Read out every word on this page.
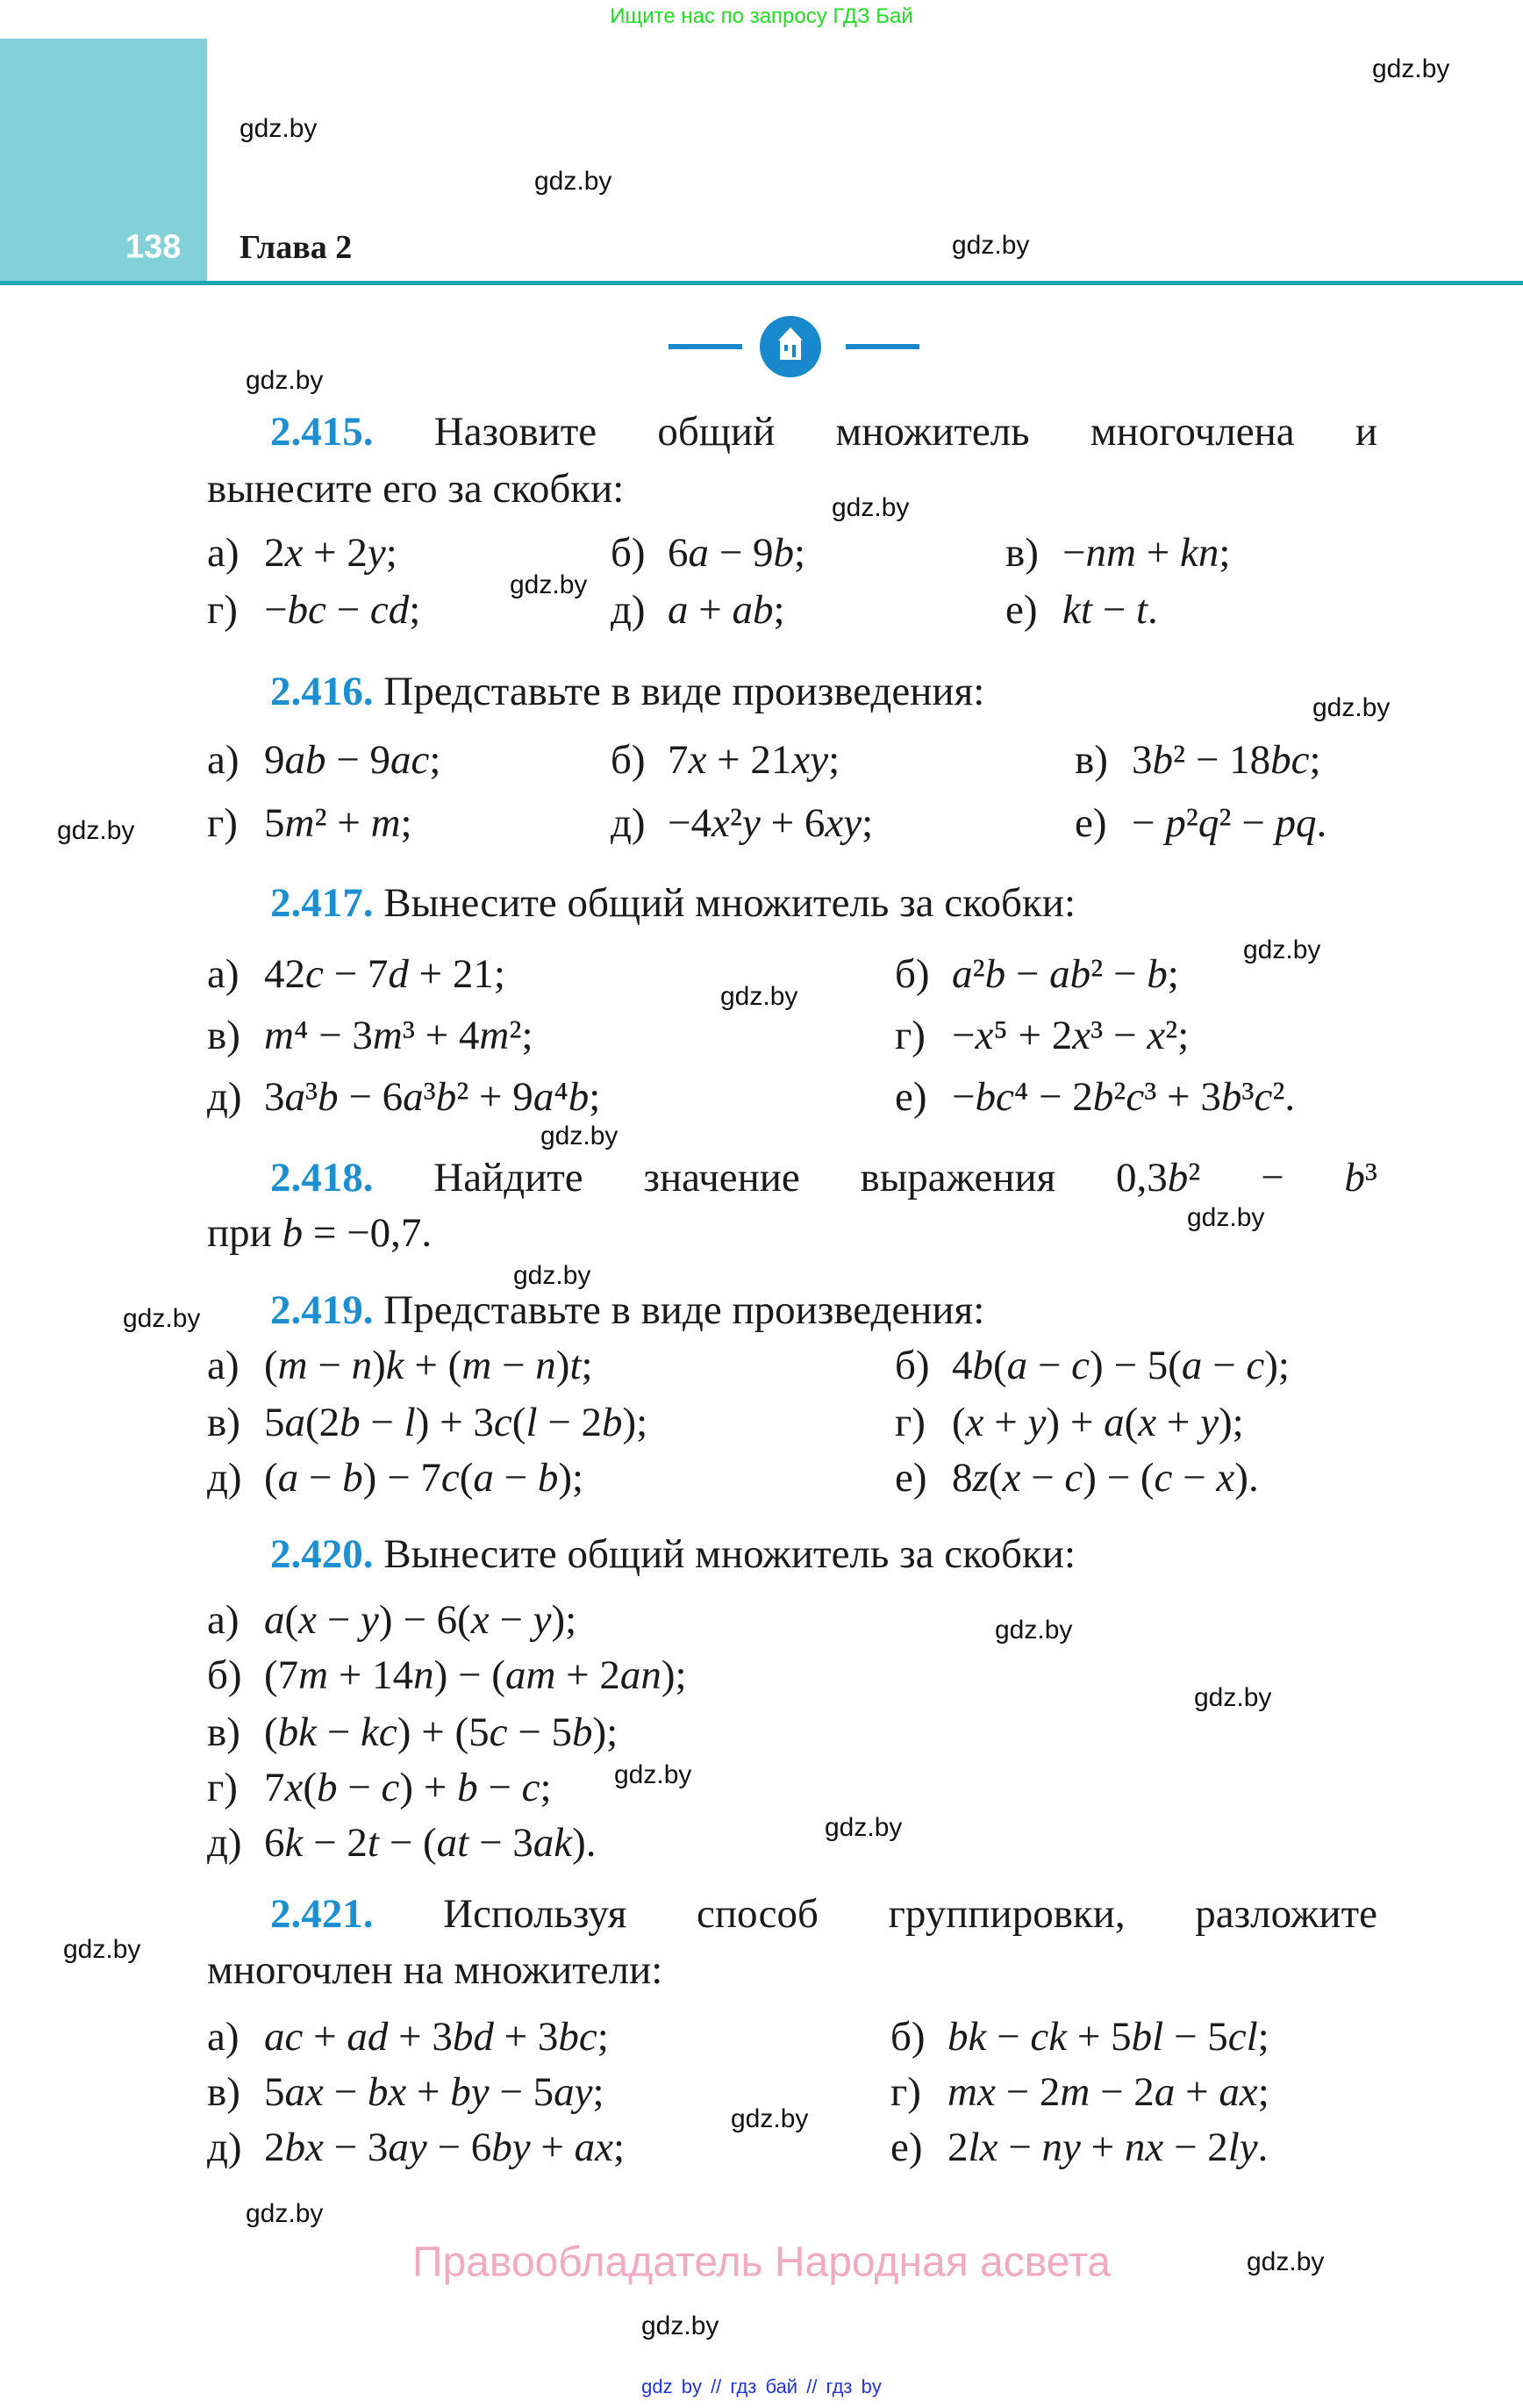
Ищите нас по запросу ГДЗ Бай
138 Глава 2
2.415. Назовите общий множитель многочлена и
вынесите его за скобки:
а) 2x + 2y;	б) 6a − 9b;	в) −nm + kn;
г) −bc − cd;	д) a + ab;	е) kt − t.
2.416. Представьте в виде произведения:
а) 9ab − 9ac;	б) 7x + 21xy;	в) 3b² − 18bc;
г) 5m² + m;	д) −4x²y + 6xy;	е) − p²q² − pq.
2.417. Вынесите общий множитель за скобки:
а) 42c − 7d + 21;	б) a²b − ab² − b;
в) m⁴ − 3m³ + 4m²;	г) −x⁵ + 2x³ − x²;
д) 3a³b − 6a³b² + 9a⁴b;	е) −bc⁴ − 2b²c³ + 3b³c².
2.418. Найдите значение выражения 0,3b² − b³
при b = −0,7.
2.419. Представьте в виде произведения:
а) (m − n)k + (m − n)t;	б) 4b(a − c) − 5(a − c);
в) 5a(2b − l) + 3c(l − 2b);	г) (x + y) + a(x + y);
д) (a − b) − 7c(a − b);	е) 8z(x − c) − (c − x).
2.420. Вынесите общий множитель за скобки:
а) a(x − y) − 6(x − y);
б) (7m + 14n) − (am + 2an);
в) (bk − kc) + (5c − 5b);
г) 7x(b − c) + b − c;
д) 6k − 2t − (at − 3ak).
2.421. Используя способ группировки, разложите
многочлен на множители:
а) ac + ad + 3bd + 3bc;	б) bk − ck + 5bl − 5cl;
в) 5ax − bx + by − 5ay;	г) mx − 2m − 2a + ax;
д) 2bx − 3ay − 6by + ax;	е) 2lx − ny + nx − 2ly.
Правообладатель Народная асвета
gdz by // гдз бай // гдз by
gdz.by
gdz.by
gdz.by
gdz.by
gdz.by
gdz.by
gdz.by
gdz.by
gdz.by
gdz.by
gdz.by
gdz.by
gdz.by
gdz.by
gdz.by
gdz.by
gdz.by
gdz.by
gdz.by
gdz.by
gdz.by
gdz.by
gdz.by
gdz.by
